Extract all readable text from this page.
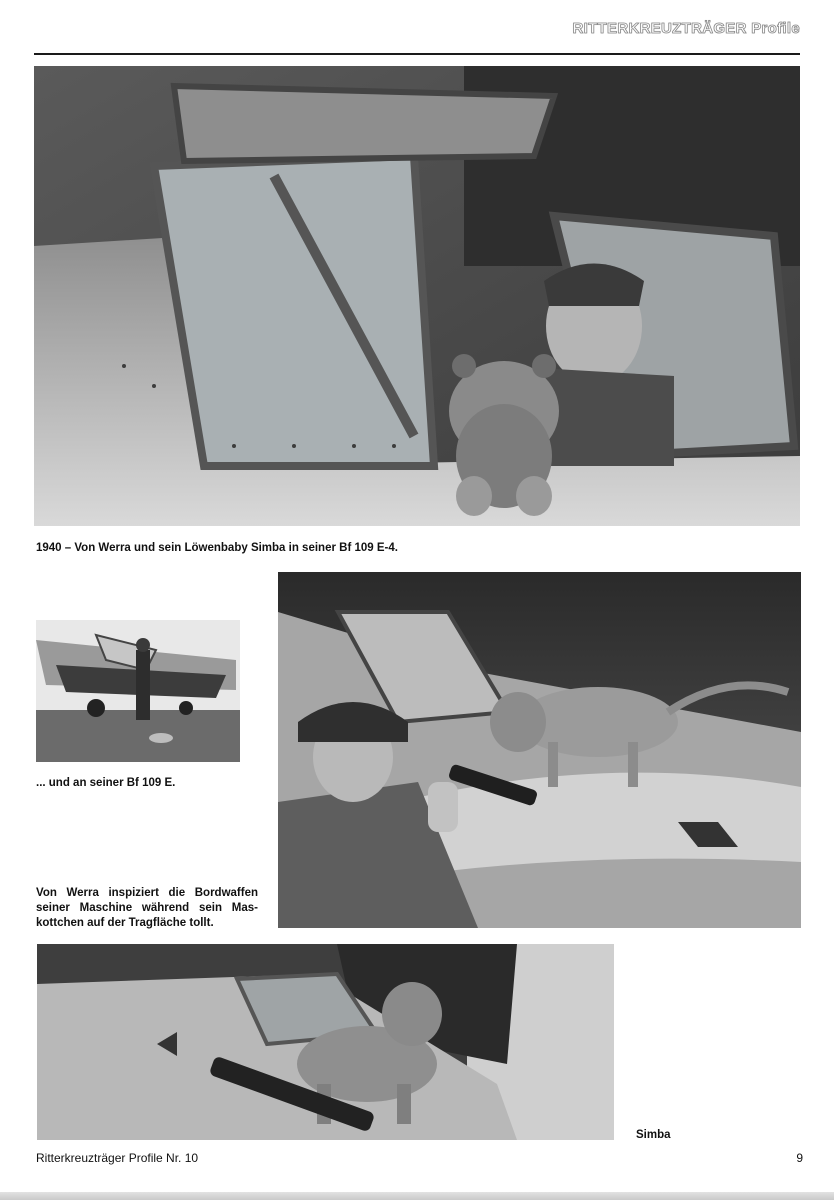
RITTERKREUZTRÄGER Profile
1940 – Von Werra und sein Löwenbaby Simba in seiner Bf 109 E-4.
... und an seiner Bf 109 E.
Von Werra inspiziert die Bordwaffen seiner Maschine während sein Mas-kottchen auf der Tragfläche tollt.
Simba
Ritterkreuzträger Profile Nr. 10	9
